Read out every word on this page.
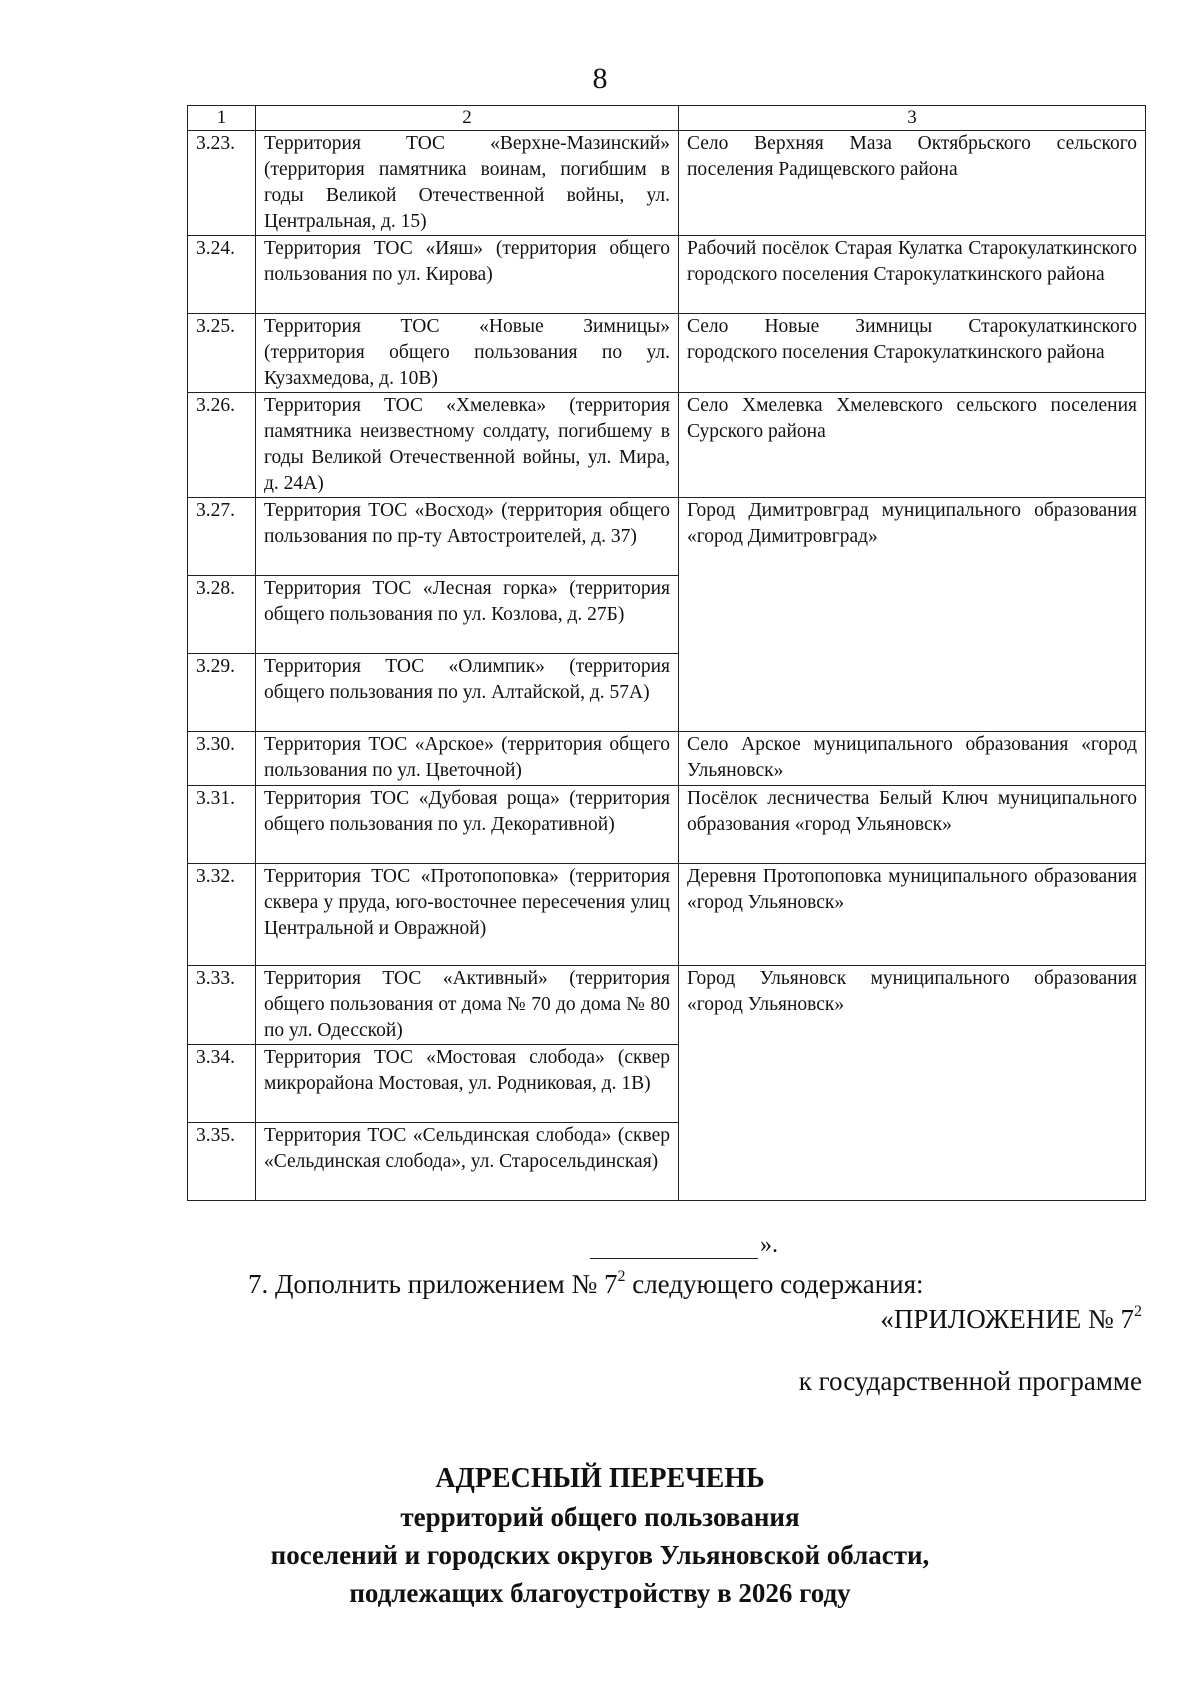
8
1	2	3
3.23.	Территория ТОС «Верхне-Мазинский» (территория памятника воинам, погибшим в годы Великой Отечественной войны, ул. Центральная, д. 15)	Село Верхняя Маза Октябрьского сельского поселения Радищевского района
3.24.	Территория ТОС «Ияш» (территория общего пользования по ул. Кирова)	Рабочий посёлок Старая Кулатка Старокулаткинского городского поселения Старокулаткинского района
3.25.	Территория ТОС «Новые Зимницы» (территория общего пользования по ул. Кузахмедова, д. 10В)	Село Новые Зимницы Старокулаткинского городского поселения Старокулаткинского района
3.26.	Территория ТОС «Хмелевка» (территория памятника неизвестному солдату, погибшему в годы Великой Отечественной войны, ул. Мира, д. 24А)	Село Хмелевка Хмелевского сельского поселения Сурского района
3.27.	Территория ТОС «Восход» (территория общего пользования по пр-ту Автостроителей, д. 37)	Город Димитровград муниципального образования «город Димитровград»
3.28.	Территория ТОС «Лесная горка» (территория общего пользования по ул. Козлова, д. 27Б)	
3.29.	Территория ТОС «Олимпик» (территория общего пользования по ул. Алтайской, д. 57А)	
3.30.	Территория ТОС «Арское» (территория общего пользования по ул. Цветочной)	Село Арское муниципального образования «город Ульяновск»
3.31.	Территория ТОС «Дубовая роща» (территория общего пользования по ул. Декоративной)	Посёлок лесничества Белый Ключ муниципального образования «город Ульяновск»
3.32.	Территория ТОС «Протопоповка» (территория сквера у пруда, юго-восточнее пересечения улиц Центральной и Овражной)	Деревня Протопоповка муниципального образования «город Ульяновск»
3.33.	Территория ТОС «Активный» (территория общего пользования от дома № 70 до дома № 80 по ул. Одесской)	Город Ульяновск муниципального образования «город Ульяновск»
3.34.	Территория ТОС «Мостовая слобода» (сквер микрорайона Мостовая, ул. Родниковая, д. 1В)	
3.35.	Территория ТОС «Сельдинская слобода» (сквер «Сельдинская слобода», ул. Старосельдинская)	
».
7. Дополнить приложением № $7^2$ следующего содержания:
«ПРИЛОЖЕНИЕ № $7^2$
к государственной программе
АДРЕСНЫЙ ПЕРЕЧЕНЬ
территорий общего пользования
поселений и городских округов Ульяновской области,
подлежащих благоустройству в 2026 году
